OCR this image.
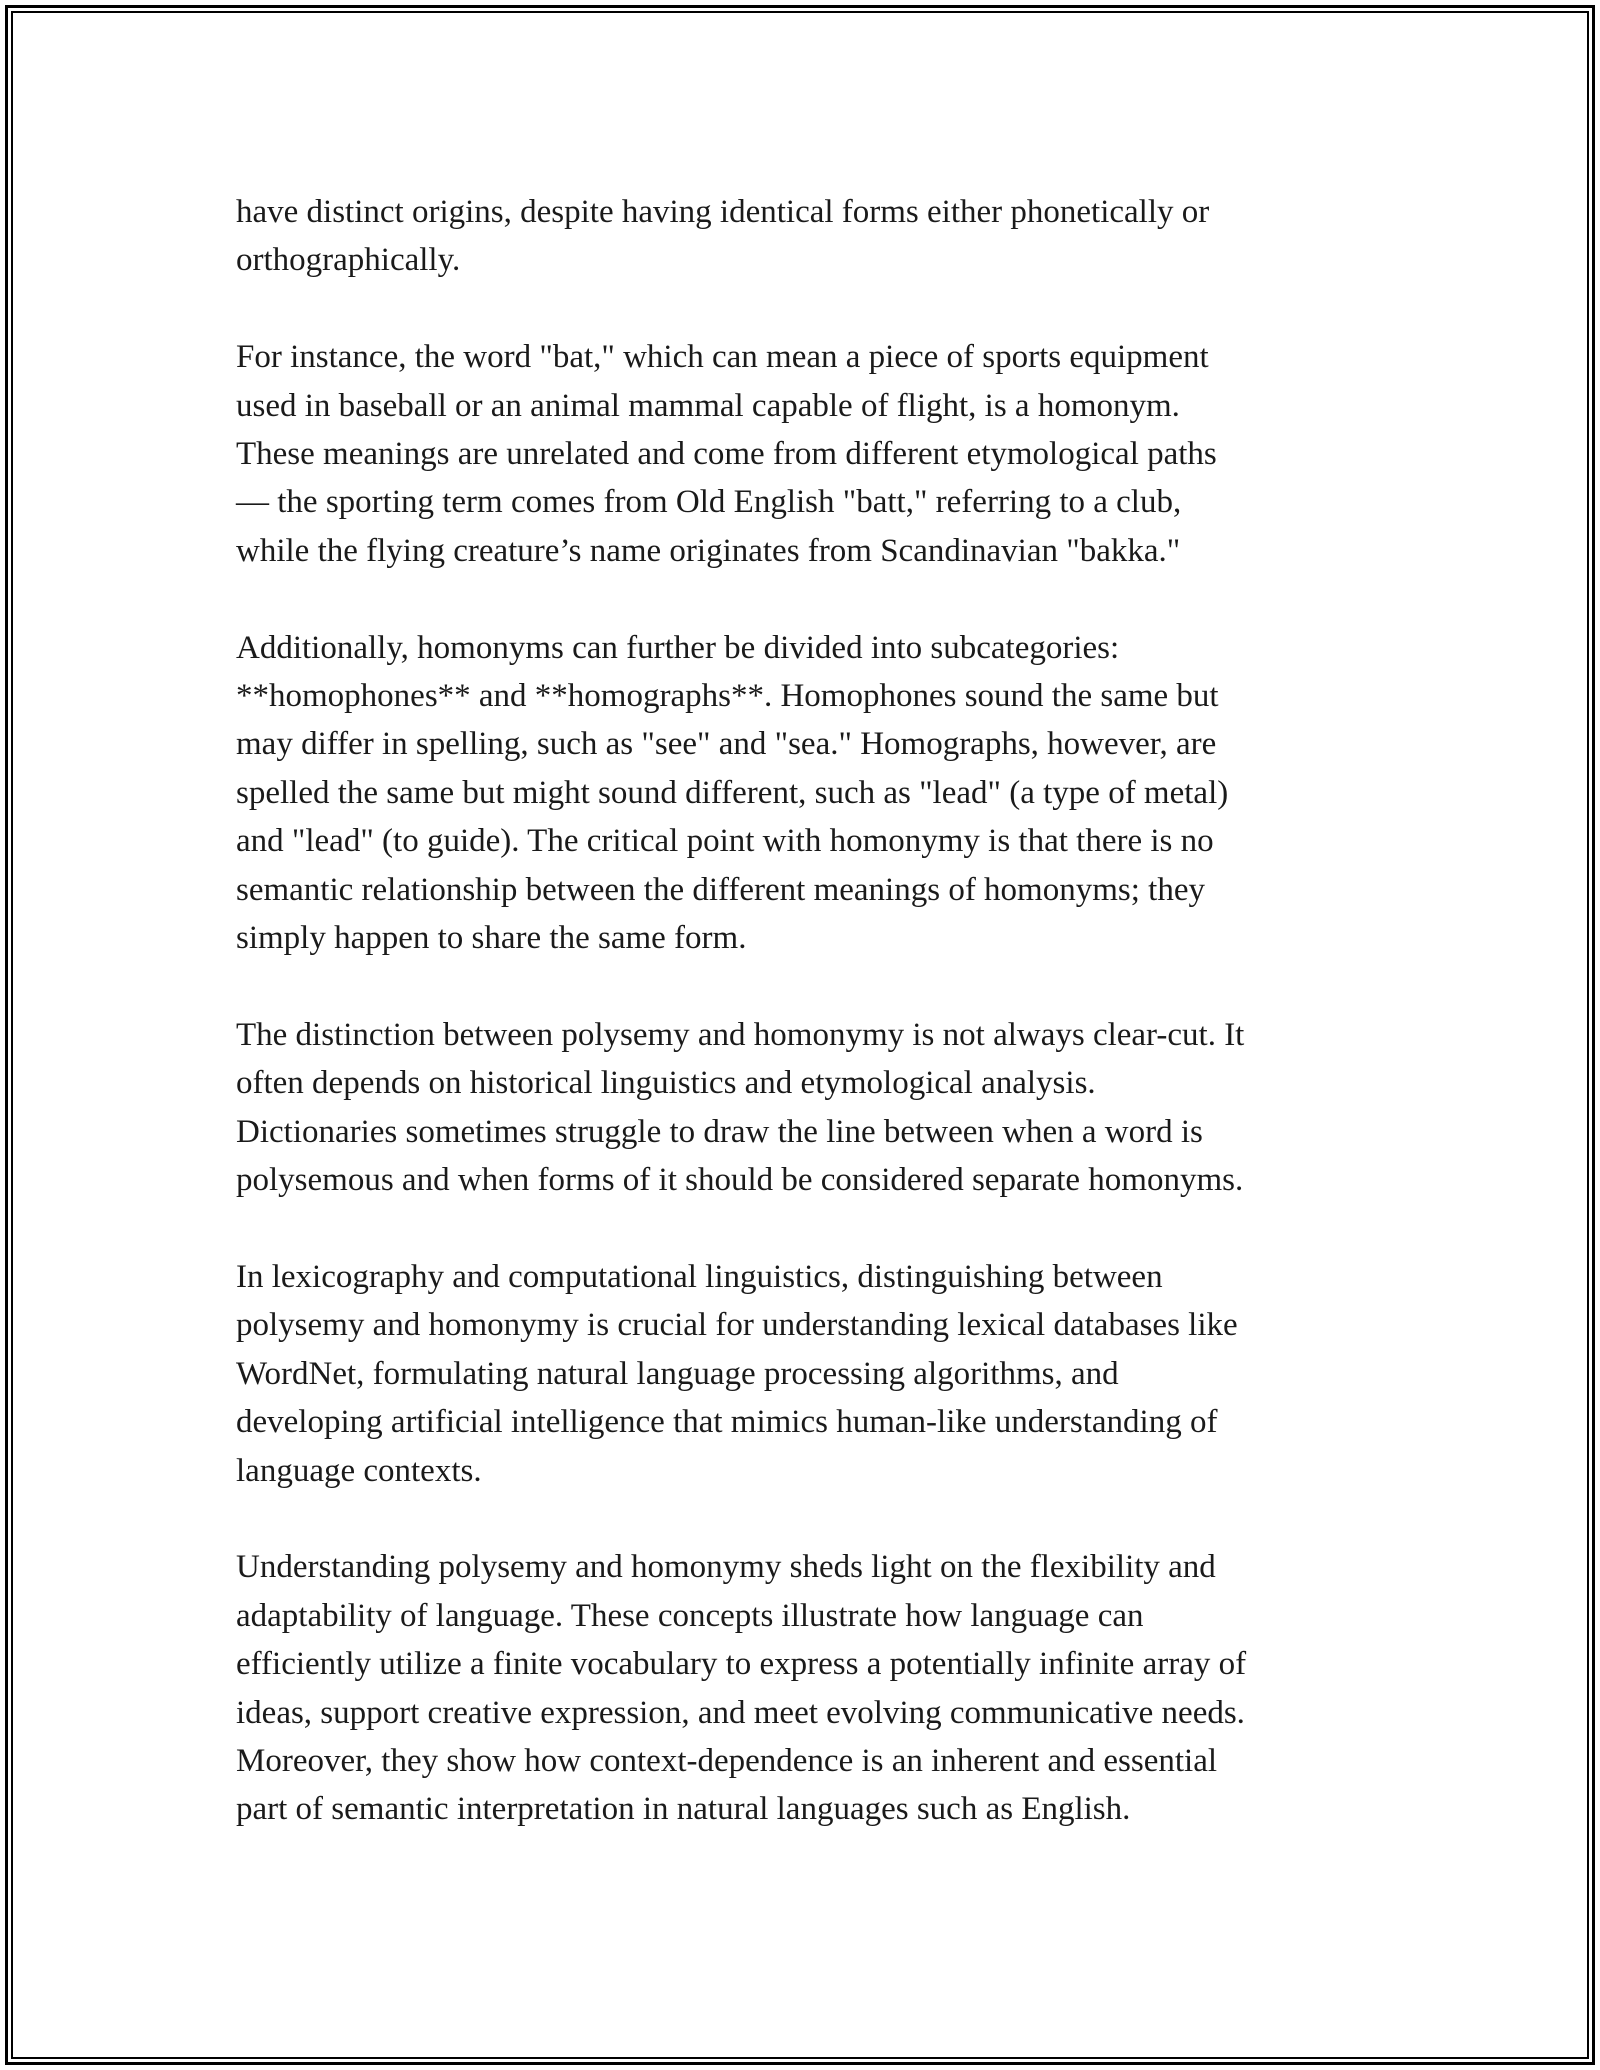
have distinct origins, despite having identical forms either phonetically or
orthographically.

For instance, the word "bat," which can mean a piece of sports equipment
used in baseball or an animal mammal capable of flight, is a homonym.
These meanings are unrelated and come from different etymological paths
— the sporting term comes from Old English "batt," referring to a club,
while the flying creature’s name originates from Scandinavian "bakka."

Additionally, homonyms can further be divided into subcategories:
**homophones** and **homographs**. Homophones sound the same but
may differ in spelling, such as "see" and "sea." Homographs, however, are
spelled the same but might sound different, such as "lead" (a type of metal)
and "lead" (to guide). The critical point with homonymy is that there is no
semantic relationship between the different meanings of homonyms; they
simply happen to share the same form.

The distinction between polysemy and homonymy is not always clear-cut. It
often depends on historical linguistics and etymological analysis.
Dictionaries sometimes struggle to draw the line between when a word is
polysemous and when forms of it should be considered separate homonyms.

In lexicography and computational linguistics, distinguishing between
polysemy and homonymy is crucial for understanding lexical databases like
WordNet, formulating natural language processing algorithms, and
developing artificial intelligence that mimics human-like understanding of
language contexts.

Understanding polysemy and homonymy sheds light on the flexibility and
adaptability of language. These concepts illustrate how language can
efficiently utilize a finite vocabulary to express a potentially infinite array of
ideas, support creative expression, and meet evolving communicative needs.
Moreover, they show how context-dependence is an inherent and essential
part of semantic interpretation in natural languages such as English.
